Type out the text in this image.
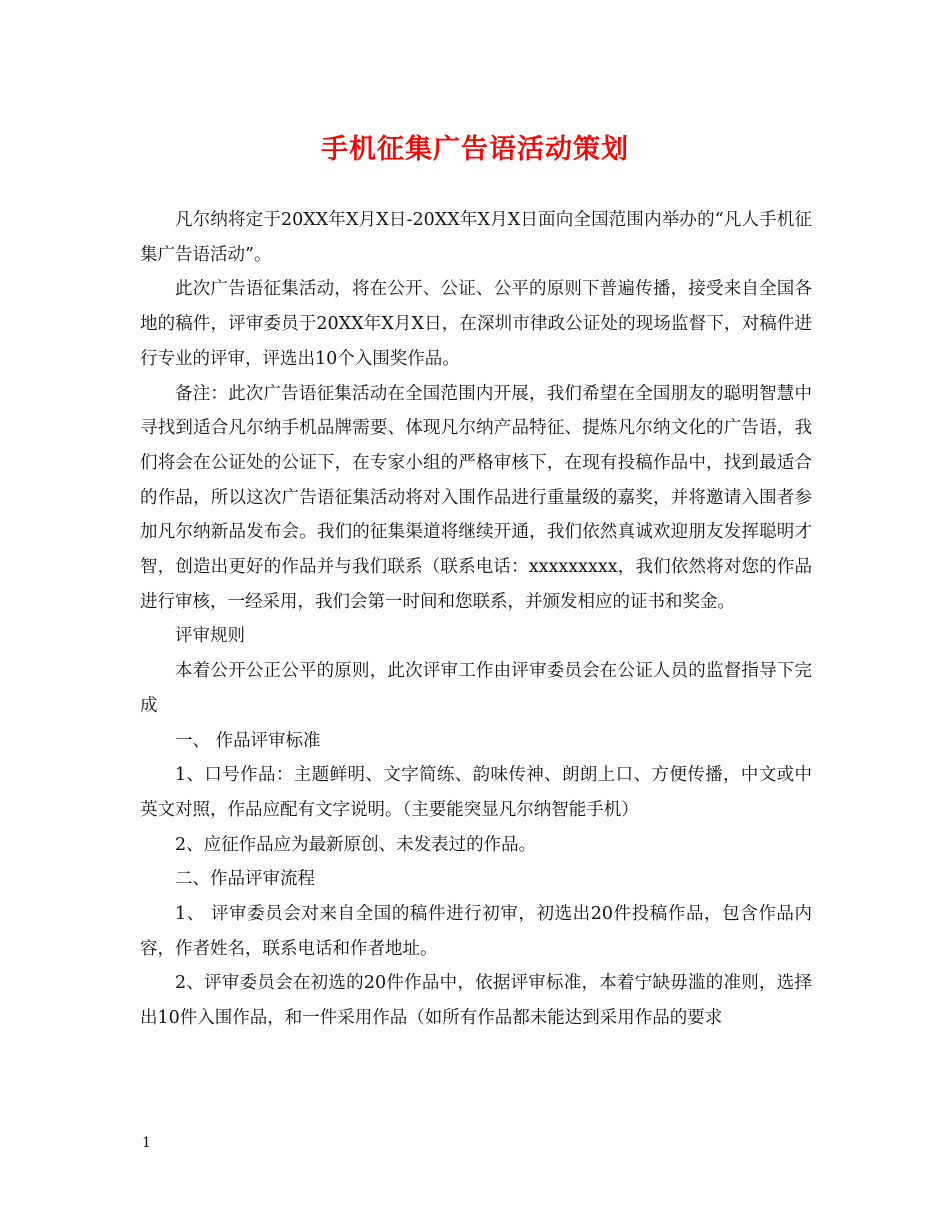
手机征集广告语活动策划

凡尔纳将定于20XX年X月X日-20XX年X月X日面向全国范围内举办的“凡人手机征集广告语活动”。

此次广告语征集活动，将在公开、公证、公平的原则下普遍传播，接受来自全国各地的稿件，评审委员于20XX年X月X日，在深圳市律政公证处的现场监督下，对稿件进行专业的评审，评选出10个入围奖作品。

备注：此次广告语征集活动在全国范围内开展，我们希望在全国朋友的聪明智慧中寻找到适合凡尔纳手机品牌需要、体现凡尔纳产品特征、提炼凡尔纳文化的广告语，我们将会在公证处的公证下，在专家小组的严格审核下，在现有投稿作品中，找到最适合的作品，所以这次广告语征集活动将对入围作品进行重量级的嘉奖，并将邀请入围者参加凡尔纳新品发布会。我们的征集渠道将继续开通，我们依然真诚欢迎朋友发挥聪明才智，创造出更好的作品并与我们联系（联系电话：xxxxxxxxx，我们依然将对您的作品进行审核，一经采用，我们会第一时间和您联系，并颁发相应的证书和奖金。

评审规则

本着公开公正公平的原则，此次评审工作由评审委员会在公证人员的监督指导下完成

一、 作品评审标准

1、口号作品：主题鲜明、文字简练、韵味传神、朗朗上口、方便传播，中文或中英文对照，作品应配有文字说明。（主要能突显凡尔纳智能手机）

2、应征作品应为最新原创、未发表过的作品。

二、作品评审流程

1、 评审委员会对来自全国的稿件进行初审，初选出20件投稿作品，包含作品内容，作者姓名，联系电话和作者地址。

2、评审委员会在初选的20件作品中，依据评审标准，本着宁缺毋滥的准则，选择出10件入围作品，和一件采用作品（如所有作品都未能达到采用作品的要求

1
